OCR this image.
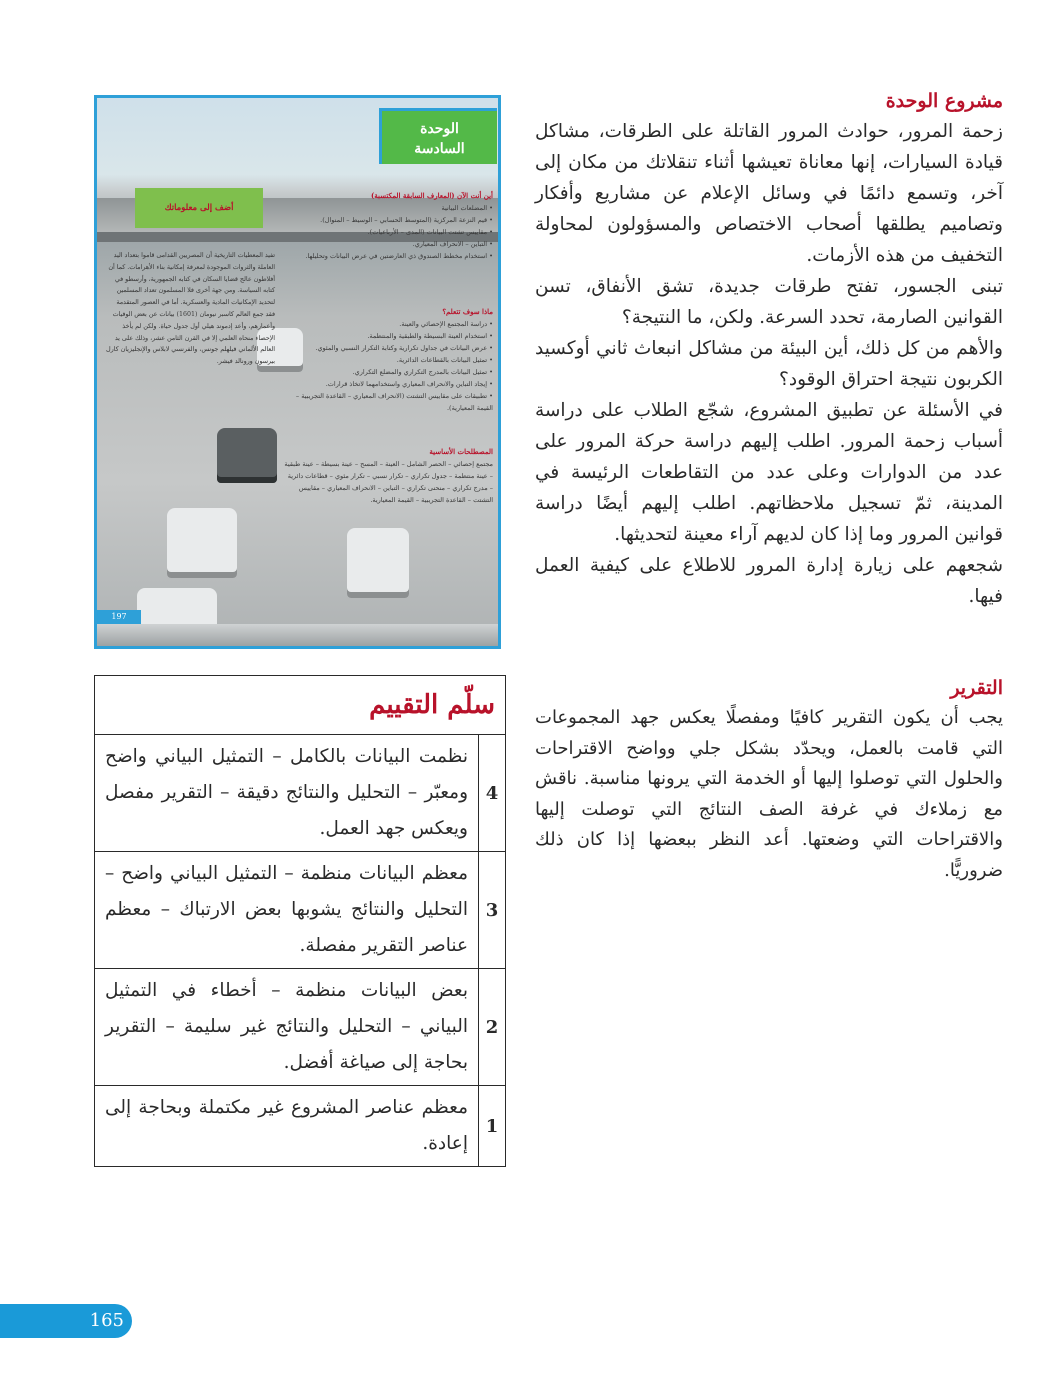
مشروع الوحدة

زحمة المرور، حوادث المرور القاتلة على الطرقات، مشاكل قيادة السيارات، إنها معاناة تعيشها أثناء تنقلاتك من مكان إلى آخر، وتسمع دائمًا في وسائل الإعلام عن مشاريع وأفكار وتصاميم يطلقها أصحاب الاختصاص والمسؤولون لمحاولة التخفيف من هذه الأزمات.

تبنى الجسور، تفتح طرقات جديدة، تشق الأنفاق، تسن القوانين الصارمة، تحدد السرعة. ولكن، ما النتيجة؟

والأهم من كل ذلك، أين البيئة من مشاكل انبعاث ثاني أوكسيد الكربون نتيجة احتراق الوقود؟

في الأسئلة عن تطبيق المشروع، شجّع الطلاب على دراسة أسباب زحمة المرور. اطلب إليهم دراسة حركة المرور على عدد من الدوارات وعلى عدد من التقاطعات الرئيسة في المدينة، ثمّ تسجيل ملاحظاتهم. اطلب إليهم أيضًا دراسة قوانين المرور وما إذا كان لديهم آراء معينة لتحديثها.

شجعهم على زيارة إدارة المرور للاطلاع على كيفية العمل فيها.

التقرير

يجب أن يكون التقرير كافيًا ومفصلًا يعكس جهد المجموعات التي قامت بالعمل، ويحدّد بشكل جلي وواضح الاقتراحات والحلول التي توصلوا إليها أو الخدمة التي يرونها مناسبة. ناقش مع زملاءك في غرفة الصف النتائج التي توصلت إليها والاقتراحات التي وضعتها. أعد النظر ببعضها إذا كان ذلك ضروريًّا.

الوحدة
السادسة
أضف إلى معلوماتك
أين أنت الآن (المعارف السابقة المكتسبة)
• المضلعات البيانية
• قيم النزعة المركزية (المتوسط الحسابي – الوسيط – المنوال).
• مقاييس تشتت البيانات (المدى – الأرباعيات).
• التباين – الانحراف المعياري.
• استخدام مخطط الصندوق ذي العارضتين في عرض البيانات وتحليلها.
تفيد المعطيات التاريخية أن المصريين القدامى قاموا بتعداد اليد العاملة والثروات الموجودة لمعرفة إمكانية بناء الأهرامات. كما أن أفلاطون عالج قضايا السكان في كتابه الجمهورية، وأرسطو في كتابه السياسة. ومن جهة أخرى فلا المسلمون تعداد المسلمين لتحديد الإمكانيات المادية والعسكرية. أما في العصور المتقدمة فقد جمع العالم كاسبر نيومان (1601) بيانات عن بعض الوفيات وأعمارهم، وأعد إدموند هيلي أول جدول حياة. ولكن لم يأخذ الإحصاء منحاه العلمي إلا في القرن الثامن عشر، وذلك على يد العالم الألماني فيلهلم جونس، والفرنسي لابلاس والإنجليزيان كارل بيرسون ورونالد فيشر.
ماذا سوف تتعلم؟
• دراسة المجتمع الإحصائي والعينة.
• استخدام العينة البسيطة والطبقية والمنتظمة.
• عرض البيانات في جداول تكرارية وكتابة التكرار النسبي والمئوي.
• تمثيل البيانات بالقطاعات الدائرية.
• تمثيل البيانات بالمدرج التكراري والمضلع التكراري.
• إيجاد التباين والانحراف المعياري واستخدامهما لاتخاذ قرارات.
• تطبيقات على مقاييس التشتت (الانحراف المعياري – القاعدة التجريبية – القيمة المعيارية).
المصطلحات الأساسية
مجتمع إحصائي – الحصر الشامل – العينة – المسح – عينة بسيطة – عينة طبقية – عينة منتظمة – جدول تكراري – تكرار نسبي – تكرار مئوي – قطاعات دائرية – مدرج تكراري – منحنى تكراري – التباين – الانحراف المعياري – مقاييس التشتت – القاعدة التجريبية – القيمة المعيارية.
197
سلّم التقييم
4
نظمت البيانات بالكامل – التمثيل البياني واضح ومعبّر – التحليل والنتائج دقيقة – التقرير مفصل ويعكس جهد العمل.
3
معظم البيانات منظمة – التمثيل البياني واضح – التحليل والنتائج يشوبها بعض الارتباك – معظم عناصر التقرير مفصلة.
2
بعض البيانات منظمة – أخطاء في التمثيل البياني – التحليل والنتائج غير سليمة – التقرير بحاجة إلى صياغة أفضل.
1
معظم عناصر المشروع غير مكتملة وبحاجة إلى إعادة.
165
